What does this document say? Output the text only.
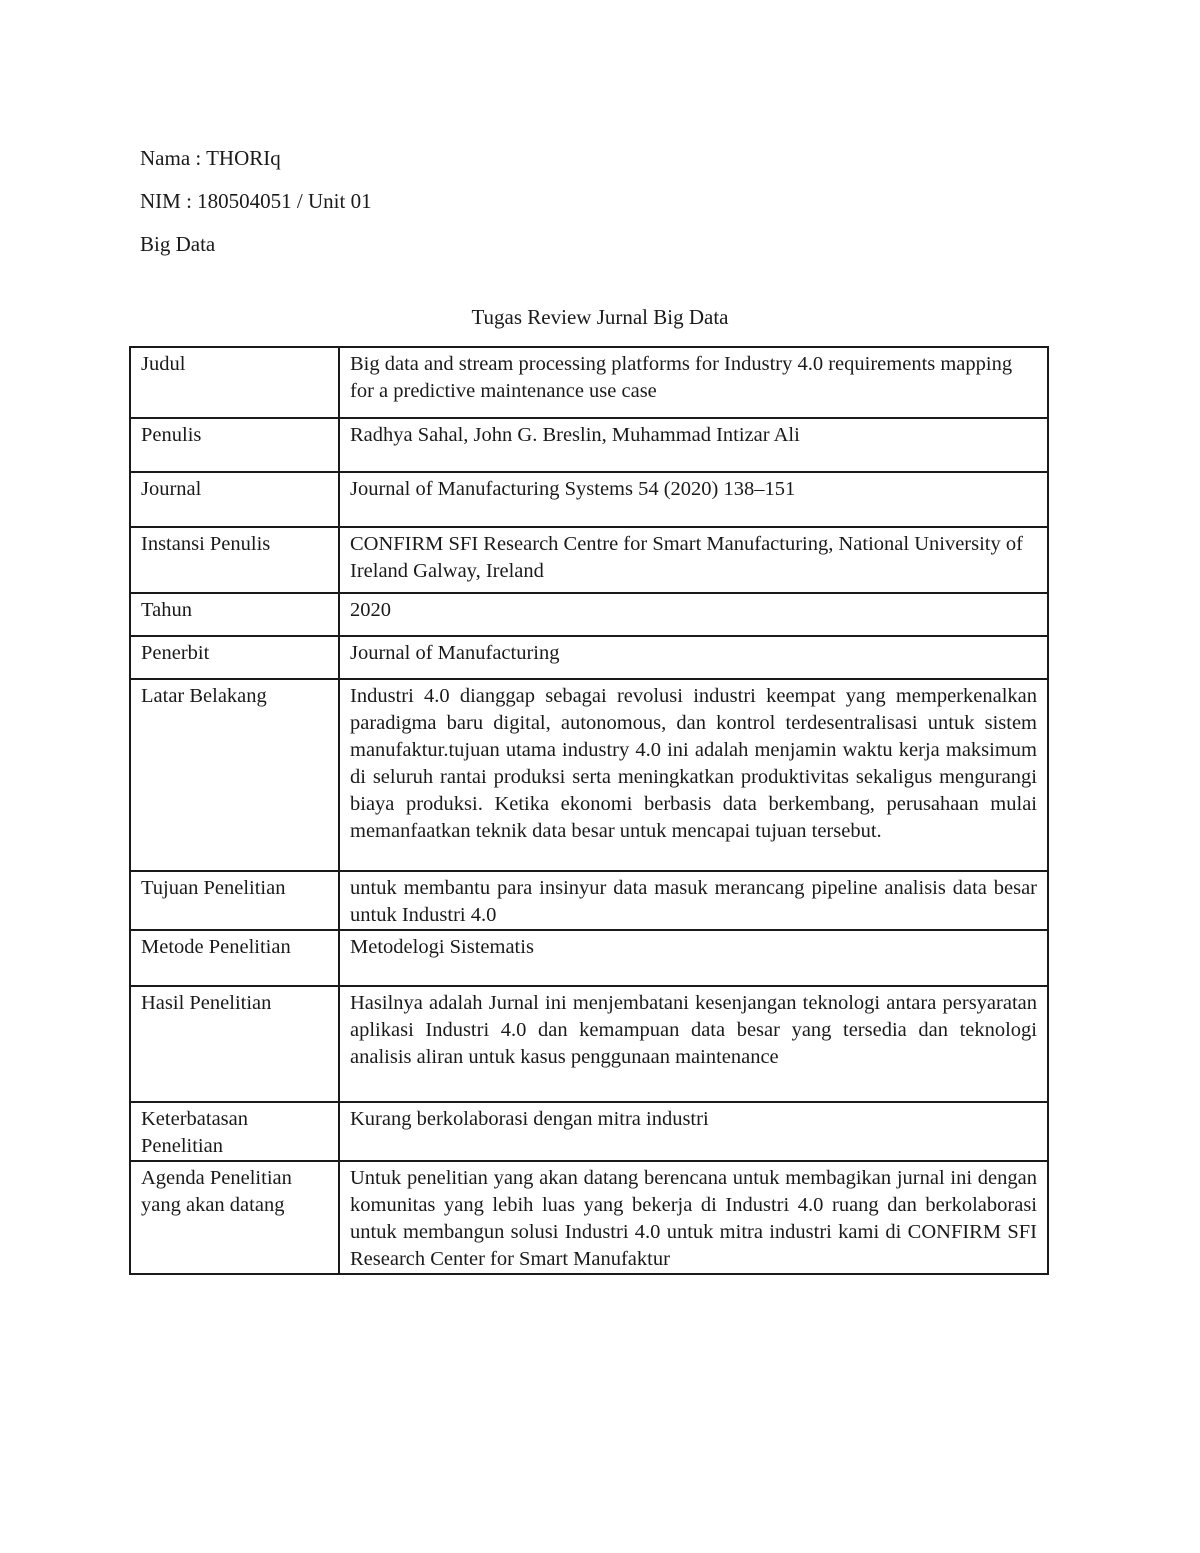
Nama : THORIq
NIM : 180504051 / Unit 01
Big Data
Tugas Review Jurnal Big Data
Judul	Big data and stream processing platforms for Industry 4.0 requirements mapping for a predictive maintenance use case
Penulis	Radhya Sahal, John G. Breslin, Muhammad Intizar Ali
Journal	Journal of Manufacturing Systems 54 (2020) 138–151
Instansi Penulis	CONFIRM SFI Research Centre for Smart Manufacturing, National University of Ireland Galway, Ireland
Tahun	2020
Penerbit	Journal of Manufacturing
Latar Belakang	Industri 4.0 dianggap sebagai revolusi industri keempat yang memperkenalkan paradigma baru digital, autonomous, dan kontrol terdesentralisasi untuk sistem manufaktur.tujuan utama industry 4.0 ini adalah menjamin waktu kerja maksimum di seluruh rantai produksi serta meningkatkan produktivitas sekaligus mengurangi biaya produksi. Ketika ekonomi berbasis data berkembang, perusahaan mulai memanfaatkan teknik data besar untuk mencapai tujuan tersebut.
Tujuan Penelitian	untuk membantu para insinyur data masuk merancang pipeline analisis data besar untuk Industri 4.0
Metode Penelitian	Metodelogi Sistematis
Hasil Penelitian	Hasilnya adalah Jurnal ini menjembatani kesenjangan teknologi antara persyaratan aplikasi Industri 4.0 dan kemampuan data besar yang tersedia dan teknologi analisis aliran untuk kasus penggunaan maintenance
Keterbatasan Penelitian	Kurang berkolaborasi dengan mitra industri
Agenda Penelitian yang akan datang	Untuk penelitian yang akan datang berencana untuk membagikan jurnal ini dengan komunitas yang lebih luas yang bekerja di Industri 4.0 ruang dan berkolaborasi untuk membangun solusi Industri 4.0 untuk mitra industri kami di CONFIRM SFI Research Center for Smart Manufaktur
